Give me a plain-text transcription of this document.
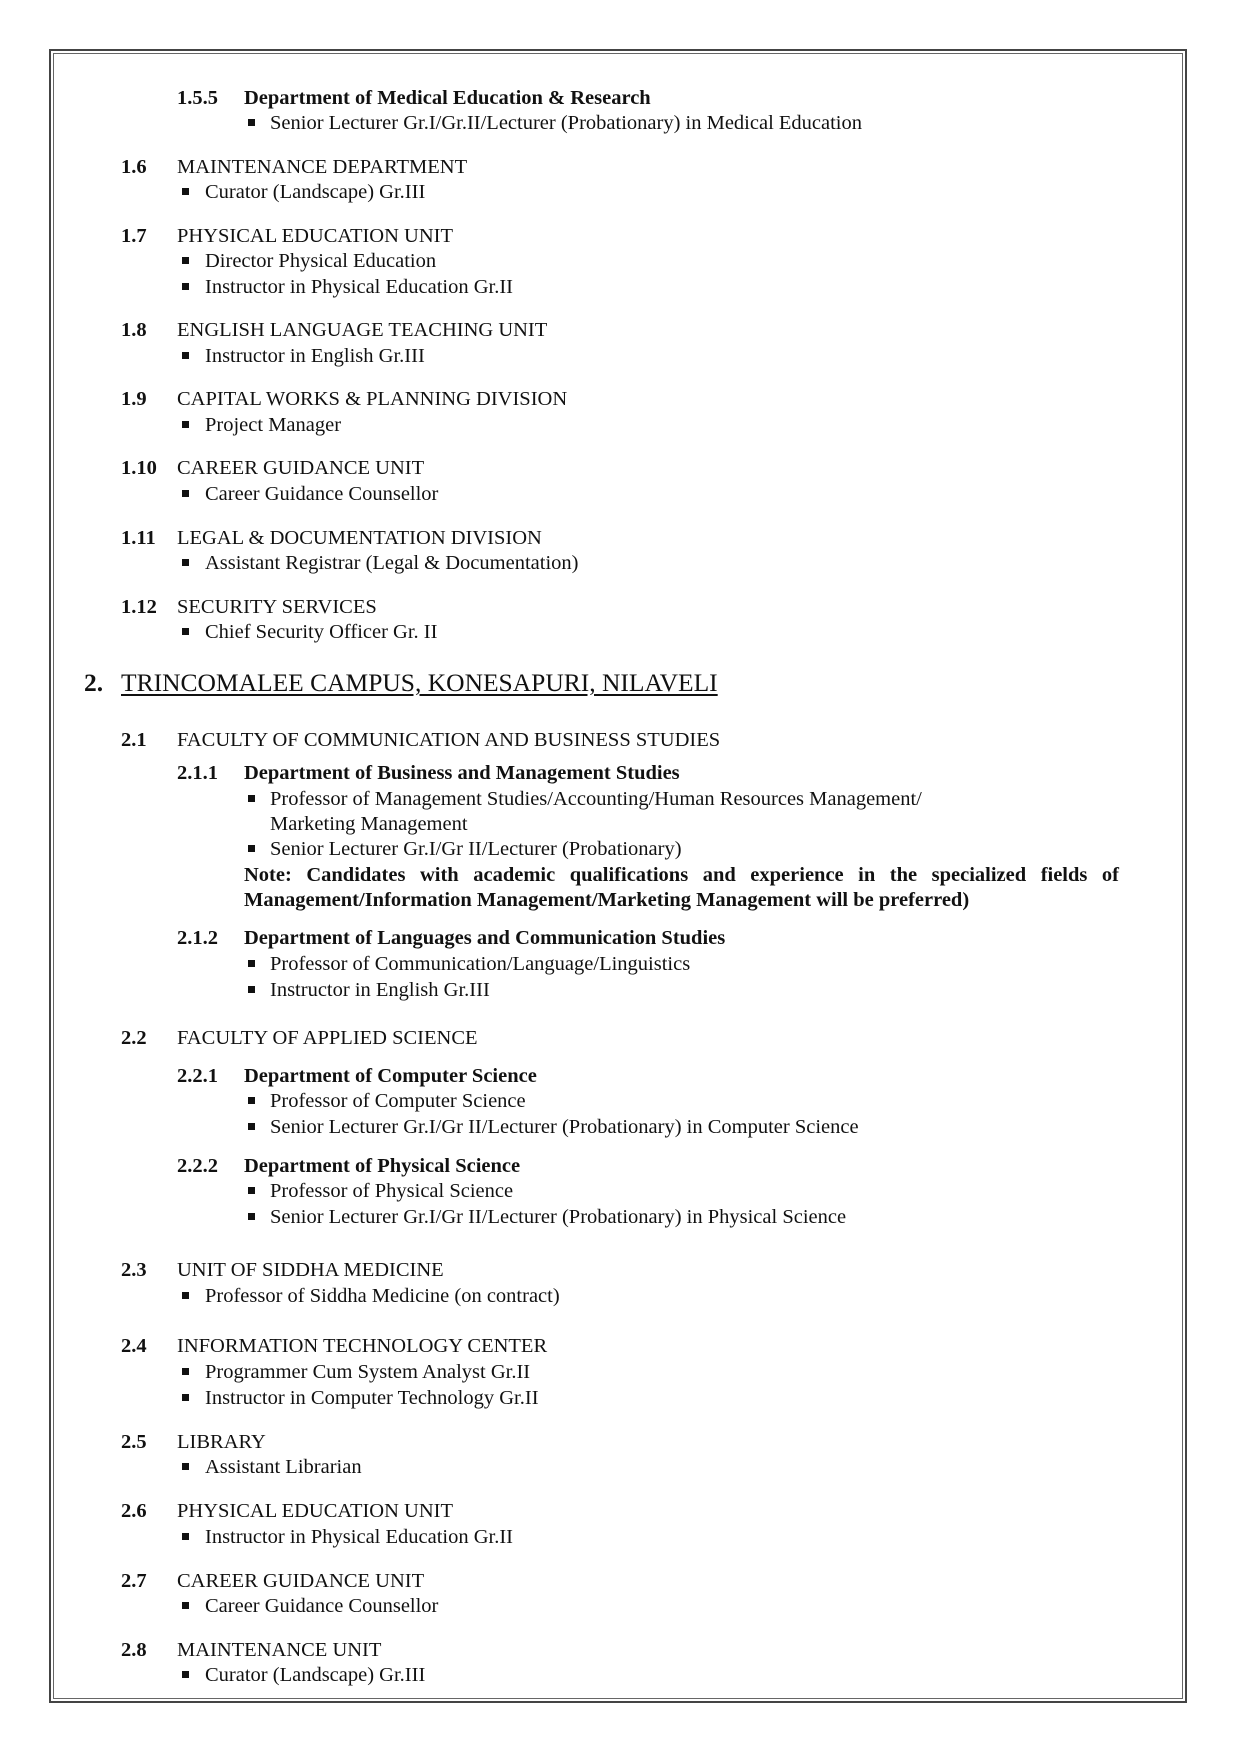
1.5.5 Department of Medical Education & Research
Senior Lecturer Gr.I/Gr.II/Lecturer (Probationary) in Medical Education
1.6 MAINTENANCE DEPARTMENT
Curator (Landscape) Gr.III
1.7 PHYSICAL EDUCATION UNIT
Director Physical Education
Instructor in Physical Education Gr.II
1.8 ENGLISH LANGUAGE TEACHING UNIT
Instructor in English Gr.III
1.9 CAPITAL WORKS & PLANNING DIVISION
Project Manager
1.10 CAREER GUIDANCE UNIT
Career Guidance Counsellor
1.11 LEGAL & DOCUMENTATION DIVISION
Assistant Registrar (Legal & Documentation)
1.12 SECURITY SERVICES
Chief Security Officer Gr. II
2. TRINCOMALEE CAMPUS, KONESAPURI, NILAVELI
2.1 FACULTY OF COMMUNICATION AND BUSINESS STUDIES
2.1.1 Department of Business and Management Studies
Professor of Management Studies/Accounting/Human Resources Management/
Marketing Management
Senior Lecturer Gr.I/Gr II/Lecturer (Probationary)
Note: Candidates with academic qualifications and experience in the specialized fields of Management/Information Management/Marketing Management will be preferred)
2.1.2 Department of Languages and Communication Studies
Professor of Communication/Language/Linguistics
Instructor in English Gr.III
2.2 FACULTY OF APPLIED SCIENCE
2.2.1 Department of Computer Science
Professor of Computer Science
Senior Lecturer Gr.I/Gr II/Lecturer (Probationary) in Computer Science
2.2.2 Department of Physical Science
Professor of Physical Science
Senior Lecturer Gr.I/Gr II/Lecturer (Probationary) in Physical Science
2.3 UNIT OF SIDDHA MEDICINE
Professor of Siddha Medicine (on contract)
2.4 INFORMATION TECHNOLOGY CENTER
Programmer Cum System Analyst Gr.II
Instructor in Computer Technology Gr.II
2.5 LIBRARY
Assistant Librarian
2.6 PHYSICAL EDUCATION UNIT
Instructor in Physical Education Gr.II
2.7 CAREER GUIDANCE UNIT
Career Guidance Counsellor
2.8 MAINTENANCE UNIT
Curator (Landscape) Gr.III
